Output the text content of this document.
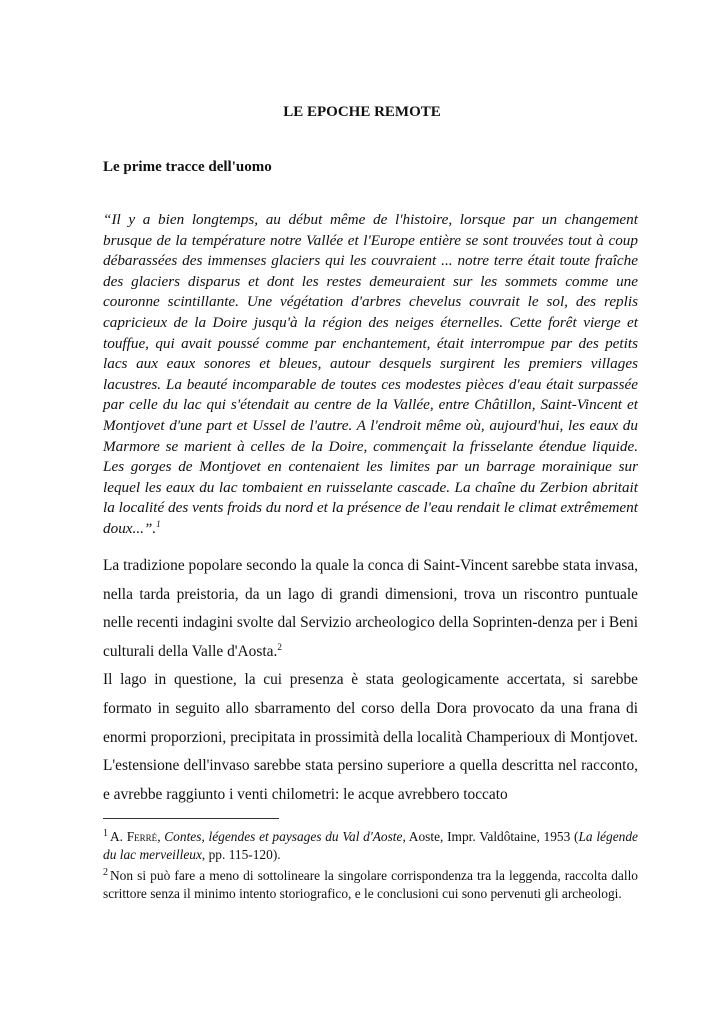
LE EPOCHE REMOTE
Le prime tracce dell'uomo

“Il y a bien longtemps, au début même de l'histoire, lorsque par un changement brusque de la température notre Vallée et l'Europe entière se sont trouvées tout à coup débarassées des immenses glaciers qui les couvraient ... notre terre était toute fraîche des glaciers disparus et dont les restes demeuraient sur les sommets comme une couronne scintillante. Une végétation d'arbres chevelus couvrait le sol, des replis capricieux de la Doire jusqu'à la région des neiges éternelles. Cette forêt vierge et touffue, qui avait poussé comme par enchantement, était interrompue par des petits lacs aux eaux sonores et bleues, autour desquels surgirent les premiers villages lacustres. La beauté incomparable de toutes ces modestes pièces d'eau était surpassée par celle du lac qui s'étendait au centre de la Vallée, entre Châtillon, Saint-Vincent et Montjovet d'une part et Ussel de l'autre. A l'endroit même où, aujourd'hui, les eaux du Marmore se marient à celles de la Doire, commençait la frisselante étendue liquide. Les gorges de Montjovet en contenaient les limites par un barrage morainique sur lequel les eaux du lac tombaient en ruisselante cascade. La chaîne du Zerbion abritait la localité des vents froids du nord et la présence de l'eau rendait le climat extrêmement doux...”.$^1$

La tradizione popolare secondo la quale la conca di Saint-Vincent sarebbe stata invasa, nella tarda preistoria, da un lago di grandi dimensioni, trova un riscontro puntuale nelle recenti indagini svolte dal Servizio archeologico della Soprinten-denza per i Beni culturali della Valle d'Aosta.$^2$

Il lago in questione, la cui presenza è stata geologicamente accertata, si sarebbe formato in seguito allo sbarramento del corso della Dora provocato da una frana di enormi proporzioni, precipitata in prossimità della località Champerioux di Montjovet. L'estensione dell'invaso sarebbe stata persino superiore a quella descritta nel racconto, e avrebbe raggiunto i venti chilometri: le acque avrebbero toccato

$^1$ A. Ferré, Contes, légendes et paysages du Val d'Aoste, Aoste, Impr. Valdôtaine, 1953 (La légende du lac merveilleux, pp. 115-120).

$^2$ Non si può fare a meno di sottolineare la singolare corrispondenza tra la leggenda, raccolta dallo scrittore senza il minimo intento storiografico, e le conclusioni cui sono pervenuti gli archeologi.
